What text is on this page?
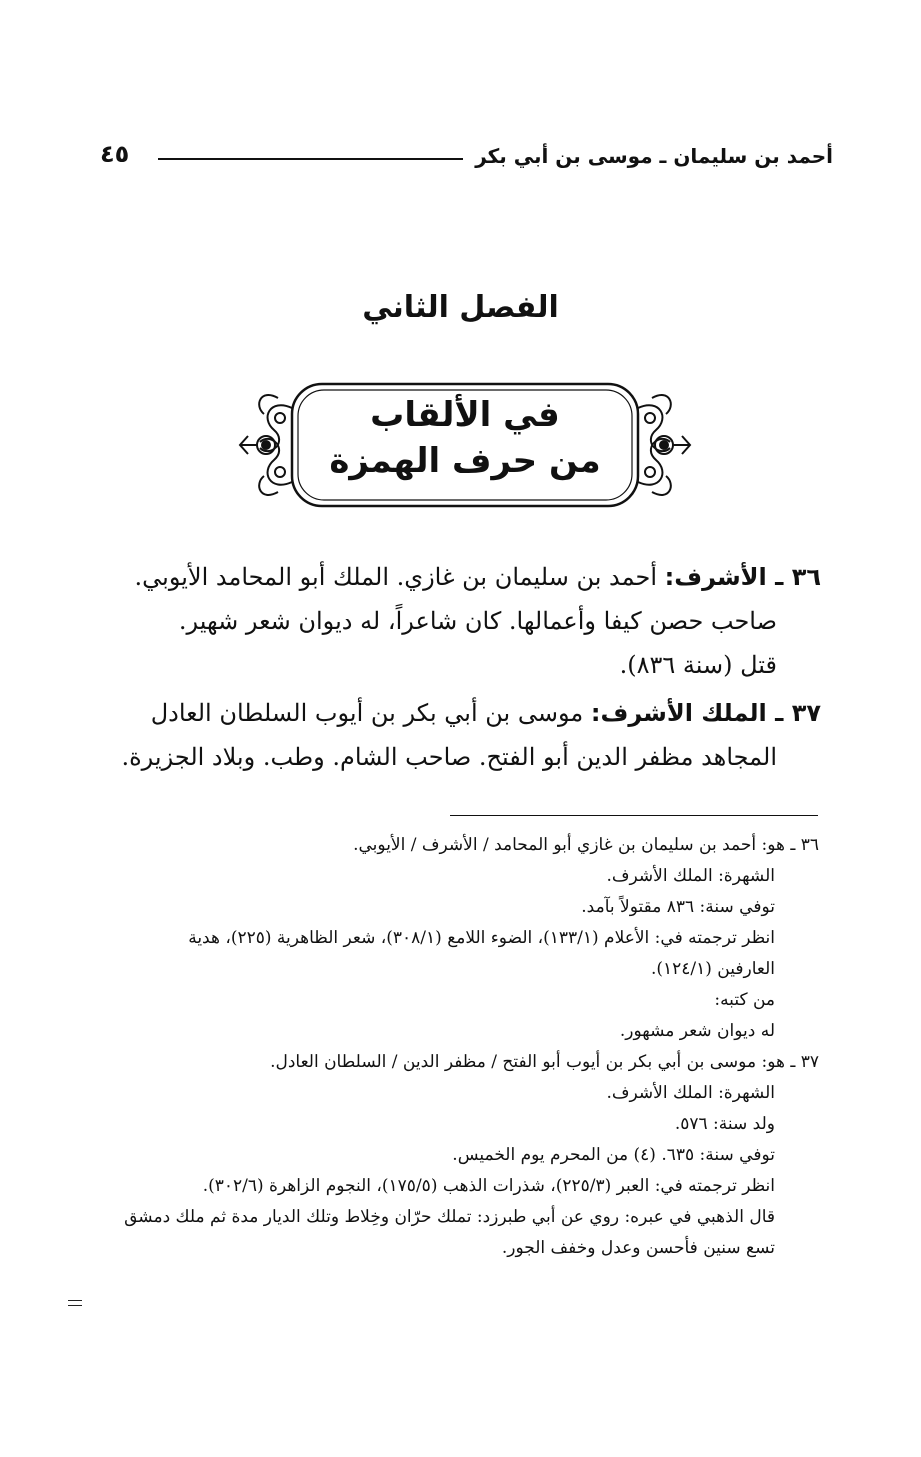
أحمد بن سليمان ـ موسى بن أبي بكر
٤٥
الفصل الثاني
في الألقاب
من حرف الهمزة
٣٦ ـ الأشرف: أحمد بن سليمان بن غازي. الملك أبو المحامد الأيوبي.
صاحب حصن كيفا وأعمالها. كان شاعراً، له ديوان شعر شهير.
قتل (سنة ٨٣٦).
٣٧ ـ الملك الأشرف: موسى بن أبي بكر بن أيوب السلطان العادل
المجاهد مظفر الدين أبو الفتح. صاحب الشام. وطب. وبلاد الجزيرة.
٣٦ ـ هو: أحمد بن سليمان بن غازي أبو المحامد / الأشرف / الأيوبي.
الشهرة: الملك الأشرف.
توفي سنة: ٨٣٦ مقتولاً بآمد.
انظر ترجمته في: الأعلام (١٣٣/١)، الضوء اللامع (٣٠٨/١)، شعر الظاهرية (٢٢٥)، هدية
العارفين (١٢٤/١).
من كتبه:
له ديوان شعر مشهور.
٣٧ ـ هو: موسى بن أبي بكر بن أيوب أبو الفتح / مظفر الدين / السلطان العادل.
الشهرة: الملك الأشرف.
ولد سنة: ٥٧٦.
توفي سنة: ٦٣٥. (٤) من المحرم يوم الخميس.
انظر ترجمته في: العبر (٢٢٥/٣)، شذرات الذهب (١٧٥/٥)، النجوم الزاهرة (٣٠٢/٦).
قال الذهبي في عبره: روي عن أبي طبرزد: تملك حرّان وخِلاط وتلك الديار مدة ثم ملك دمشق
تسع سنين فأحسن وعدل وخفف الجور.
